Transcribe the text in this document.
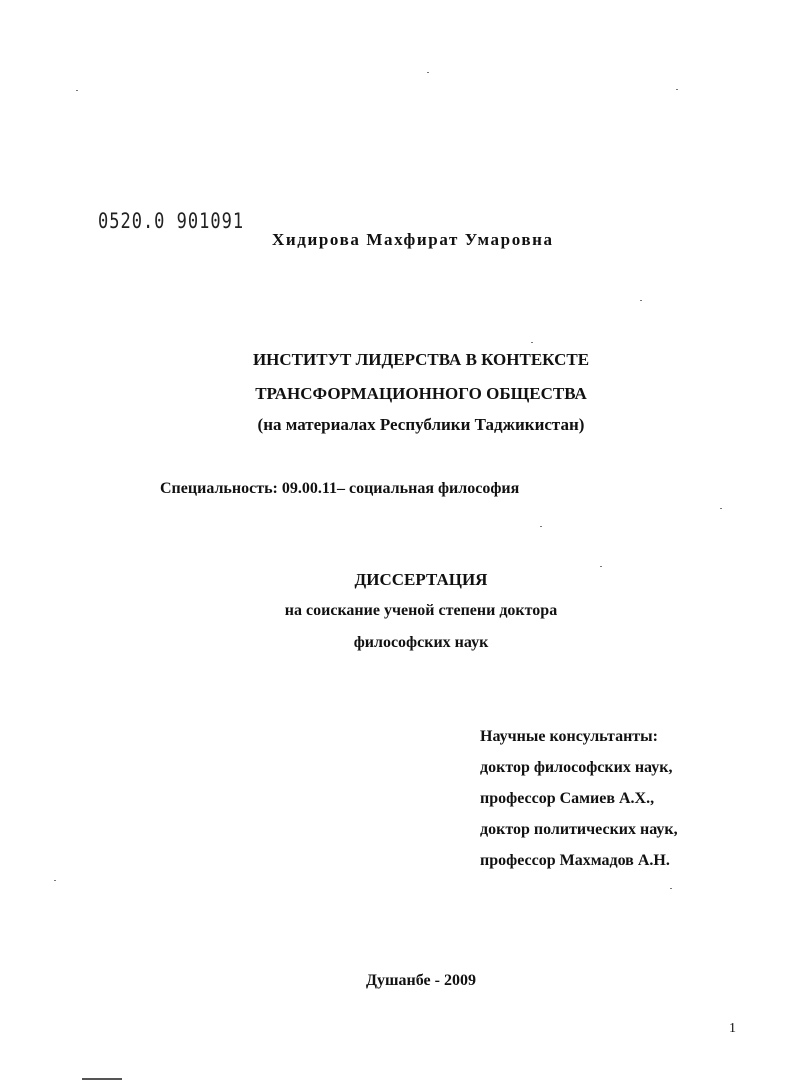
0520.0 901091
Хидирова Махфират Умаровна
ИНСТИТУТ ЛИДЕРСТВА В КОНТЕКСТЕ
ТРАНСФОРМАЦИОННОГО ОБЩЕСТВА
(на материалах Республики Таджикистан)
Специальность: 09.00.11– социальная философия
ДИССЕРТАЦИЯ
на соискание ученой степени доктора
философских наук
Научные консультанты:
доктор философских наук,
профессор Самиев А.Х.,
доктор политических наук,
профессор Махмадов А.Н.
Душанбе - 2009
1
